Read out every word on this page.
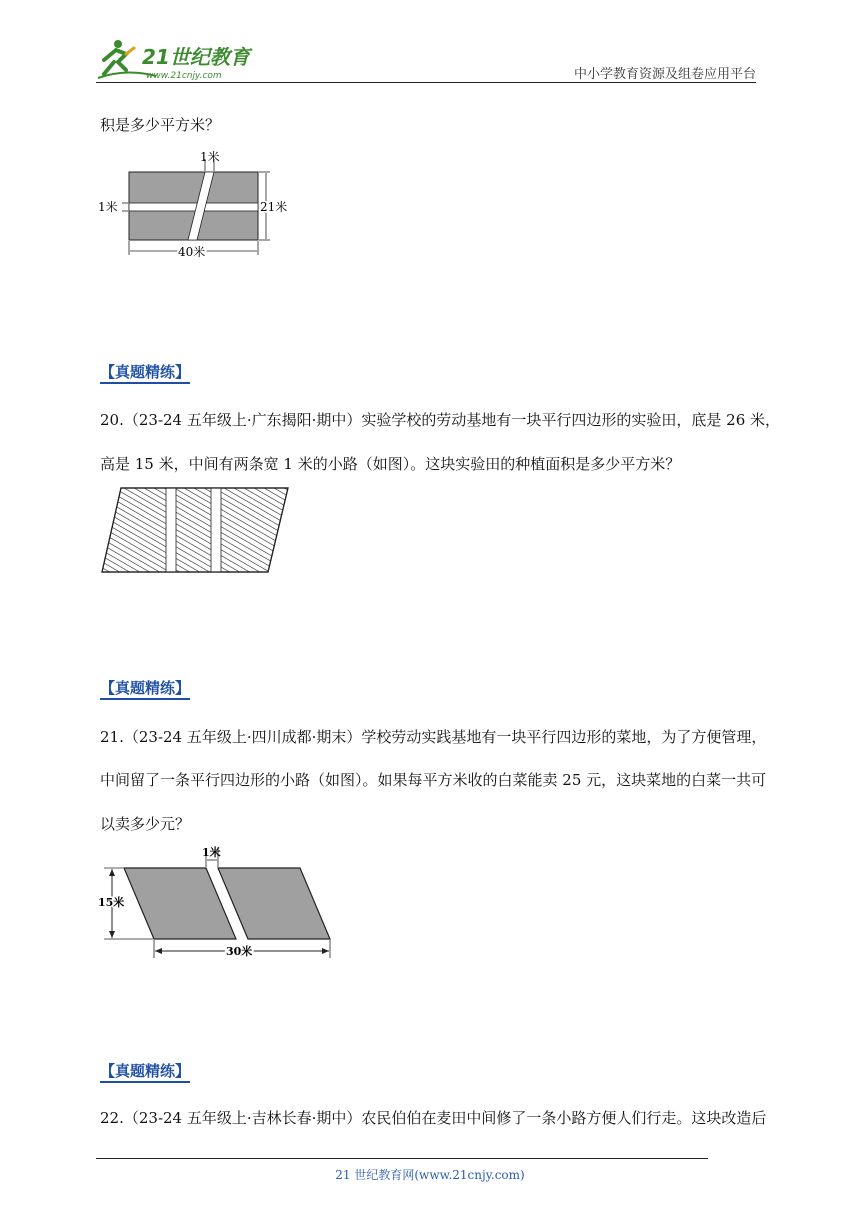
21世纪教育
www.21cnjy.com	中小学教育资源及组卷应用平台
积是多少平方米？
1米
1米	21米
40米
【真题精练】
20.（23-24 五年级上·广东揭阳·期中）实验学校的劳动基地有一块平行四边形的实验田，底是 26 米，
高是 15 米，中间有两条宽 1 米的小路（如图）。这块实验田的种植面积是多少平方米？
【真题精练】
21.（23-24 五年级上·四川成都·期末）学校劳动实践基地有一块平行四边形的菜地，为了方便管理，
中间留了一条平行四边形的小路（如图）。如果每平方米收的白菜能卖 25 元，这块菜地的白菜一共可
以卖多少元？
1米
15米
30米
【真题精练】
22.（23-24 五年级上·吉林长春·期中）农民伯伯在麦田中间修了一条小路方便人们行走。这块改造后
21 世纪教育网(www.21cnjy.com)
